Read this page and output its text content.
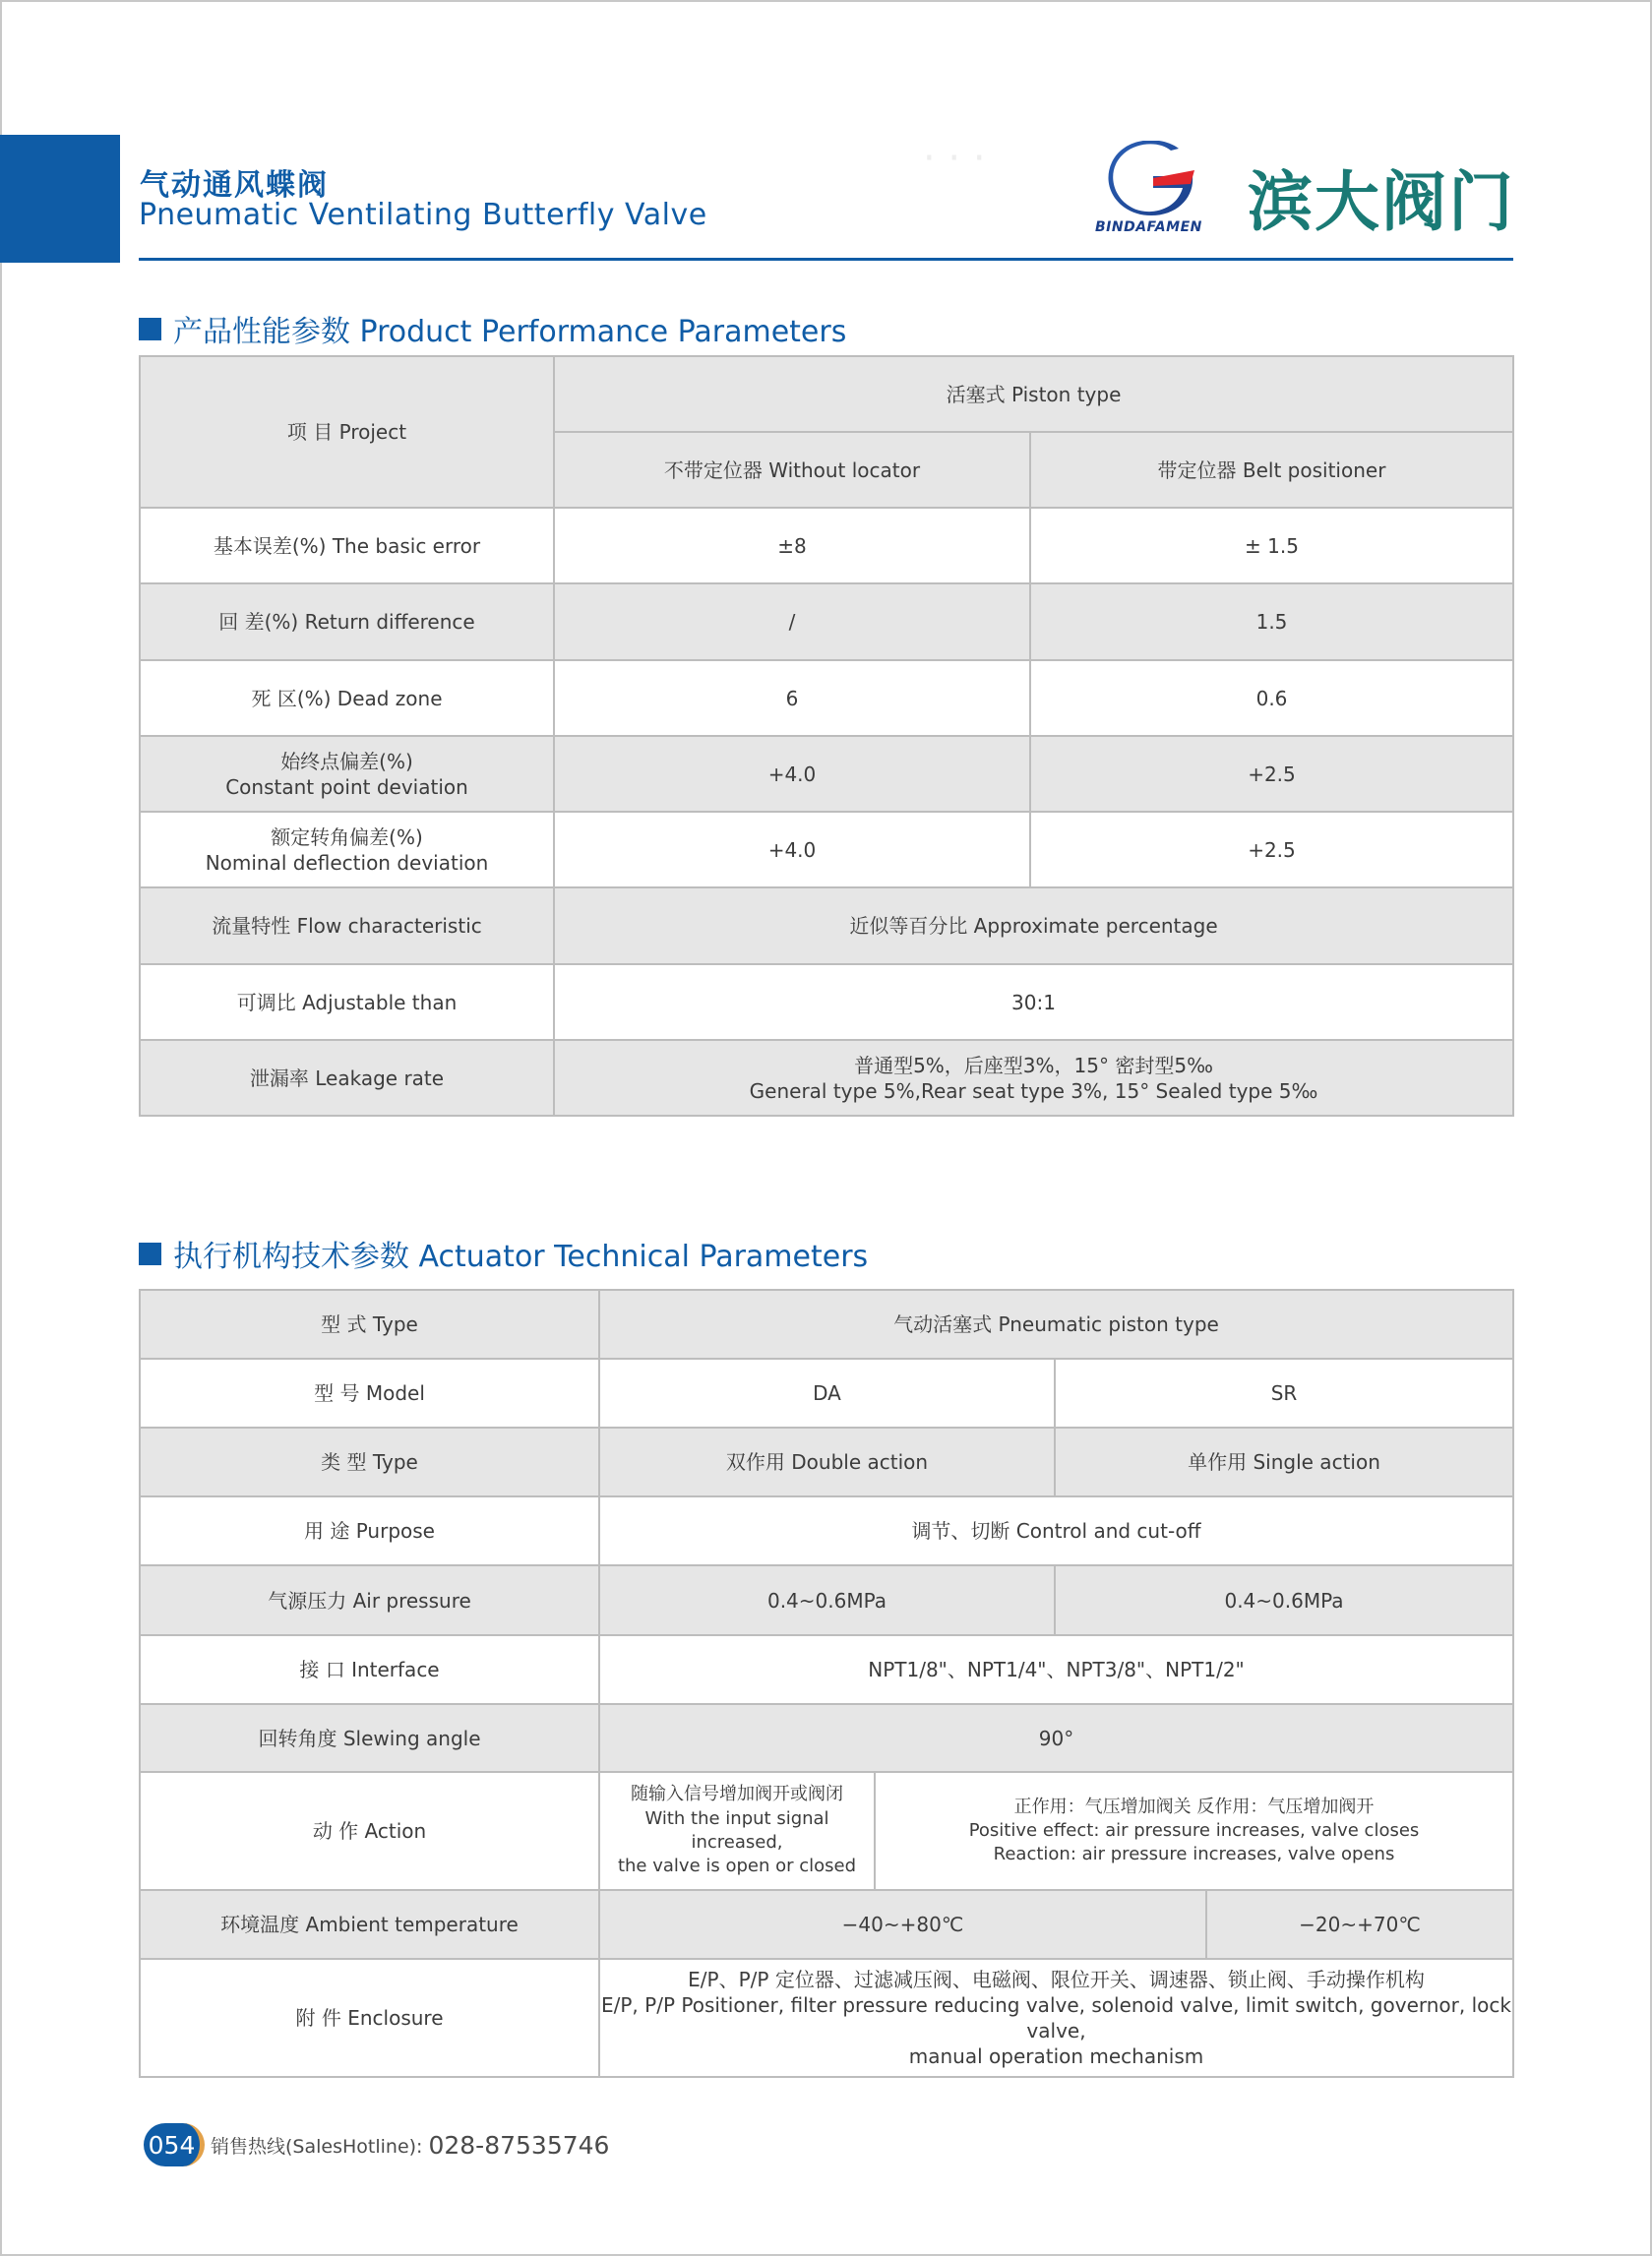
气动通风蝶阀
Pneumatic Ventilating Butterfly Valve
· · ·
BINDAFAMEN 滨大阀门
产品性能参数 Product Performance Parameters
项 目 Project	活塞式 Piston type	
	不带定位器 Without locator	带定位器 Belt positioner
基本误差(%) The basic error	±8	± 1.5
回 差(%) Return difference	/	1.5
死 区(%) Dead zone	6	0.6

始终点偏差(%)
Constant point deviation	+4.0	+2.5

额定转角偏差(%)
Nominal deflection deviation	+4.0	+2.5
流量特性 Flow characteristic	近似等百分比 Approximate percentage	
可调比 Adjustable than	30:1	
泄漏率 Leakage rate	普通型5%，后座型3%，15° 密封型5‰
General type 5%,Rear seat type 3%, 15° Sealed type 5‰	
执行机构技术参数 Actuator Technical Parameters
型 式 Type	气动活塞式 Pneumatic piston type			
型 号 Model	DA		SR	
类 型 Type	双作用 Double action		单作用 Single action	
用 途 Purpose	调节、切断 Control and cut-off			
气源压力 Air pressure	0.4~0.6MPa		0.4~0.6MPa	
接 口 Interface	NPT1/8"、NPT1/4"、NPT3/8"、NPT1/2"			
回转角度 Slewing angle	90°			
动 作 Action	随输入信号增加阀开或阀闭
With the input signal increased,
the valve is open or closed	正作用：气压增加阀关 反作用：气压增加阀开
Positive effect: air pressure increases, valve closes
Reaction: air pressure increases, valve opens		

环境温度 Ambient temperature	−40~+80℃			−20~+70℃
附 件 Enclosure	E/P、P/P 定位器、过滤减压阀、电磁阀、限位开关、调速器、锁止阀、手动操作机构
E/P, P/P Positioner, filter pressure reducing valve, solenoid valve, limit switch, governor, lock valve,
manual operation mechanism			
054 销售热线(SalesHotline): 028-87535746
